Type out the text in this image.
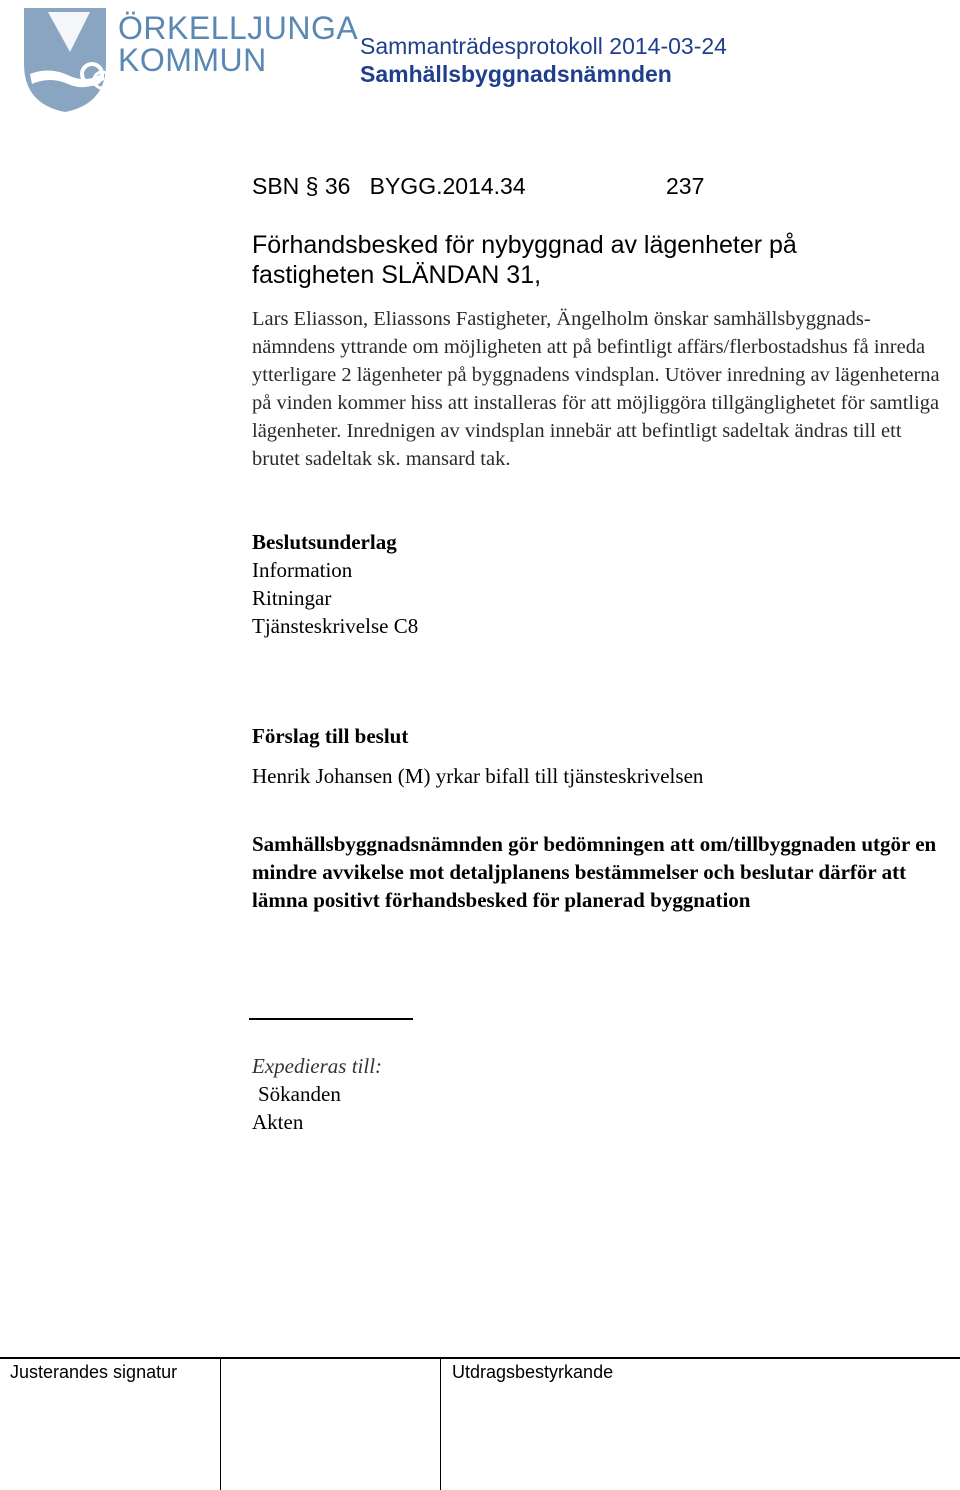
ÖRKELLJUNGA
KOMMUN	Sammanträdesprotokoll 2014-03-24
Samhällsbyggnadsnämnden
SBN § 36   BYGG.2014.34	237
Förhandsbesked för nybyggnad av lägenheter på fastigheten SLÄNDAN 31,

Lars Eliasson, Eliassons Fastigheter, Ängelholm önskar samhällsbyggnads-nämndens yttrande om möjligheten att på befintligt affärs/flerbostadshus få inreda ytterligare 2 lägenheter på byggnadens vindsplan. Utöver inredning av lägenheterna på vinden kommer hiss att installeras för att möjliggöra tillgänglighetet för samtliga lägenheter. Inrednigen av vindsplan innebär att befintligt sadeltak ändras till ett brutet sadeltak sk. mansard tak.

Beslutsunderlag
Information
Ritningar
Tjänsteskrivelse C8
Förslag till beslut
Henrik Johansen (M) yrkar bifall till tjänsteskrivelsen
Samhällsbyggnadsnämnden gör bedömningen att om/tillbyggnaden utgör en mindre avvikelse mot detaljplanens bestämmelser och beslutar därför att lämna positivt förhandsbesked för planerad byggnation
Expedieras till:
Sökanden
Akten
Justerandes signatur	Utdragsbestyrkande
